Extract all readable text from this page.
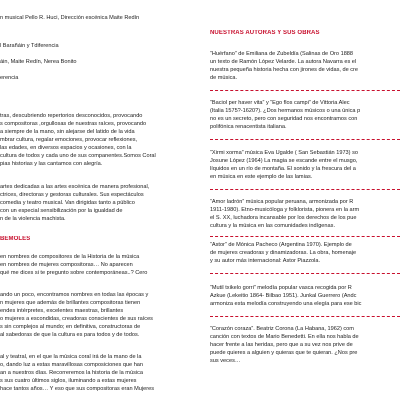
n musical Pello R. Huci, Dirección escénica Maite Redín
l Barañáin y Tdiferencia
áin, Maite Redín, Nerea Bonito
erencia
tras, descubriendo repertorios desconocidos, provocando
s compositoras ,orgullosas de nuestras raíces, provocando
a siempre de la mano, sin alejarse del latido de la vida
mbrar cultura, regalar emociones, provocar reflexiones,
las edades, en diversos espacios y ocasiones, con la
cultura de todos y cada uno de sus companentes.Somos Coral
pias historias y las cantamos con alegría.
artes dedicadas a las artes escénica de manera profesional,
ctrices, directoras y gestoras culturales. Sus espectáculos
comedia y teatro musical. Van dirigidas tanto a público
con un especial sensibilización por la igualdad de
n de la violencia machista.
BEMOLES
en nombres de compositores de la Historia de la música
en nombres de mujeres compositoras… No aparecen
qué me dices si te pregunto sobre contemporáneas..? Cero
ando un poco, encontramos nombres en todas las épocas y
n mujeres que además de brillantes compositoras tienen
endes intérpretes, excelentes maestras, brillantes
o mujeres a escondidas, creadoras conscientes de sus raíces
s sin complejos al mundo; en definitiva, constructoras de
al sabedoras de que la cultura es para todos y de todos.
al y teatral, en el que la música coral irá de la mano de la
o, dando luz a estas maravillosas composiciones que han
an a nuestros días. Recorreremos la historia de la música
s sus cuatro últimos siglos, iluminando a estas mujeres
hace tantos años… Y eso que sus compositoras eran Mujeres
NUESTRAS AUTORAS Y SUS OBRAS
“Huérfano” de Emiliana de Zubeldía (Salinas de Oro 1888
un texto de Ramón López Velarde. La autora Navarra es el
nuestra pequeña historia hecha con jirones de vidas, de cre
de música.
“Baciol per haver vita” y “Ego flos campi” de Vittoria Alec
(Italia 1575?-1620?). ¿Dos hermanos músicos o una única p
no es un secreto, pero con seguridad nos encontramos con
polifónica renacentista italiana.
“Xirmi xorma” música Eva Ugalde ( San Sebastián 1973) so
Josune López (1964) La magia se escande entre el musgo,
líquidos en un río de montaña. El sonido y la frescura del a
en música en este ejemplo de las lamias.
“Amor ladrón” música popular peruana, armonizada por R
1911-1980). Etno-musicóloga y folklorista, pionera en la arm
el S. XX, luchadora incansable por los derechos de los pue
cultura y la música en las comunidades indígenas.
“Astor” de Mónica Pacheco (Argentina 1970). Ejemplo de
de mujeres creadoras y dinamizadoras. La obra, homenaje
y su autor más internacional: Astor Piazzola.
“Mutil txikelo gorri” melodía popular vasca recogida por R
Azkue (Lekeitio 1864- Bilbao 1951). Junkal Guerrero (Andc
armoniza esta melodía construyendo una elegía para ese bic
“Corazón coraza”. Beatriz Corona (La Habana, 1962) com
canción con textos de Mario Benedetti. En ella nos habla de
hacer frente a las heridas, pero que a su vez nos prive de
puede quieres a alguien y quieras que te quieran. ¿Nos pre
sus veces…
